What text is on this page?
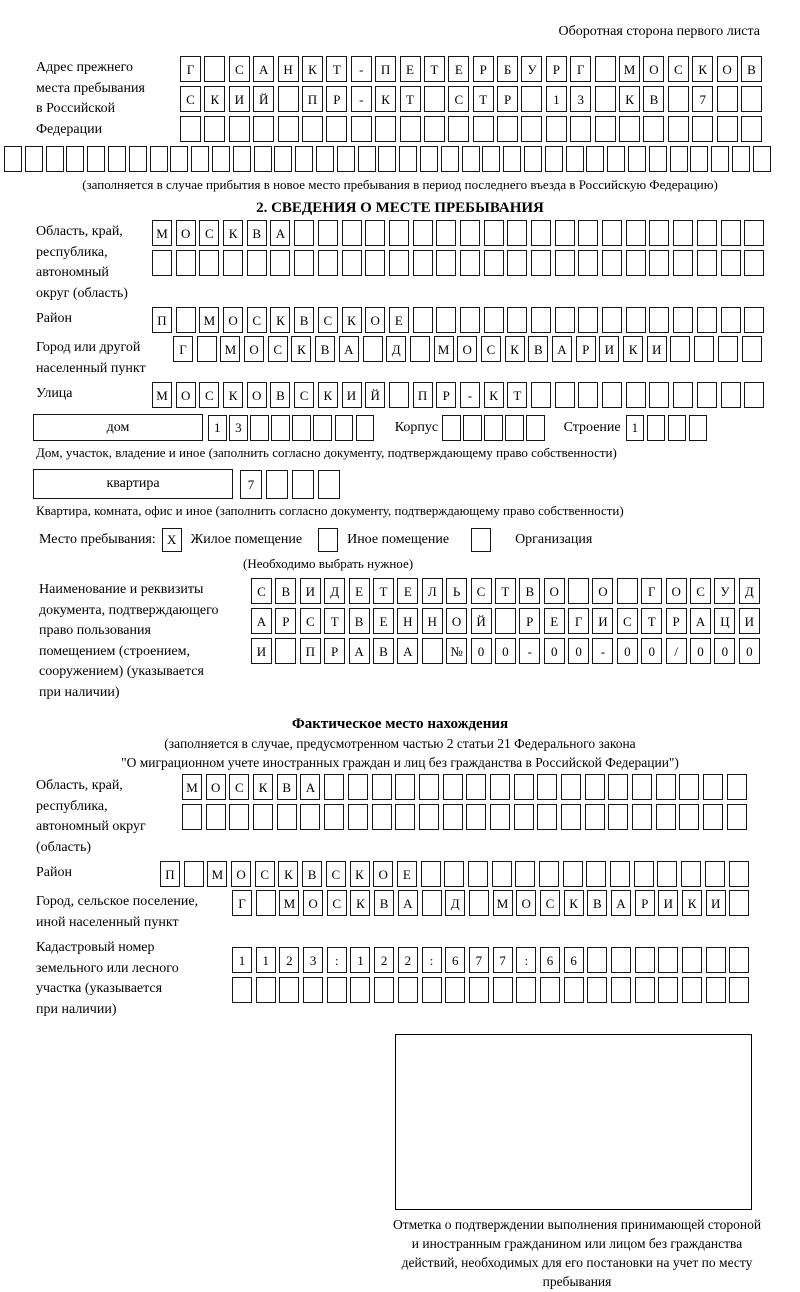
Оборотная сторона первого листа
Адрес прежнего
места пребывания
в Российской
Федерации
Г	С	А	Н	К	Т	-	П	Е	Т	Е	Р	Б	У	Р	Г	М	О	С	К	О	В
С	К	И	Й	П	Р	-	К	Т	С	Т	Р	1	3	К	В	7
(заполняется в случае прибытия в новое место пребывания в период последнего въезда в Российскую Федерацию)
2. СВЕДЕНИЯ О МЕСТЕ ПРЕБЫВАНИЯ
Область, край,
республика,
автономный
округ (область)
М	О	С	К	В	А
Район	П	М	О	С	К	В	С	К	О	Е
Город или другой
населенный пункт
Г	М	О	С	К	В	А	Д	М	О	С	К	В	А	Р	И	К	И
Улица	М	О	С	К	О	В	С	К	И	Й	П	Р	-	К	Т
дом	1	3	Корпус	Строение 1
Дом, участок, владение и иное (заполнить согласно документу, подтверждающему право собственности)
квартира	7
Квартира, комната, офис и иное (заполнить согласно документу, подтверждающему право собственности)
Место пребывания: X	Жилое помещение	Иное помещение	Организация
(Необходимо выбрать нужное)
Наименование и реквизиты
документа, подтверждающего
право пользования
помещением (строением,
сооружением) (указывается
при наличии)
С	В	И	Д	Е	Т	Е	Л	Ь	С	Т	В	О	О	Г	О	С	У	Д
А	Р	С	Т	В	Е	Н	Н	О	Й	Р	Е	Г	И	С	Т	Р	А	Ц	И
И	П	Р	А	В	А	№	0	0	-	0	0	-	0	0	/	0	0	0
Фактическое место нахождения
(заполняется в случае, предусмотренном частью 2 статьи 21 Федерального закона
"О миграционном учете иностранных граждан и лиц без гражданства в Российской Федерации")
Область, край,
республика,
автономный округ
(область)
М	О	С	К	В	А
Район	П	М	О	С	К	В	С	К	О	Е
Город, сельское поселение,
иной населенный пункт
Г	М	О	С	К	В	А	Д	М	О	С	К	В	А	Р	И	К	И
Кадастровый номер
земельного или лесного
участка (указывается
при наличии)
1	1	2	3	:	1	2	2	:	6	7	7	:	6	6
Отметка о подтверждении выполнения принимающей стороной и иностранным гражданином или лицом без гражданства действий, необходимых для его постановки на учет по месту пребывания
